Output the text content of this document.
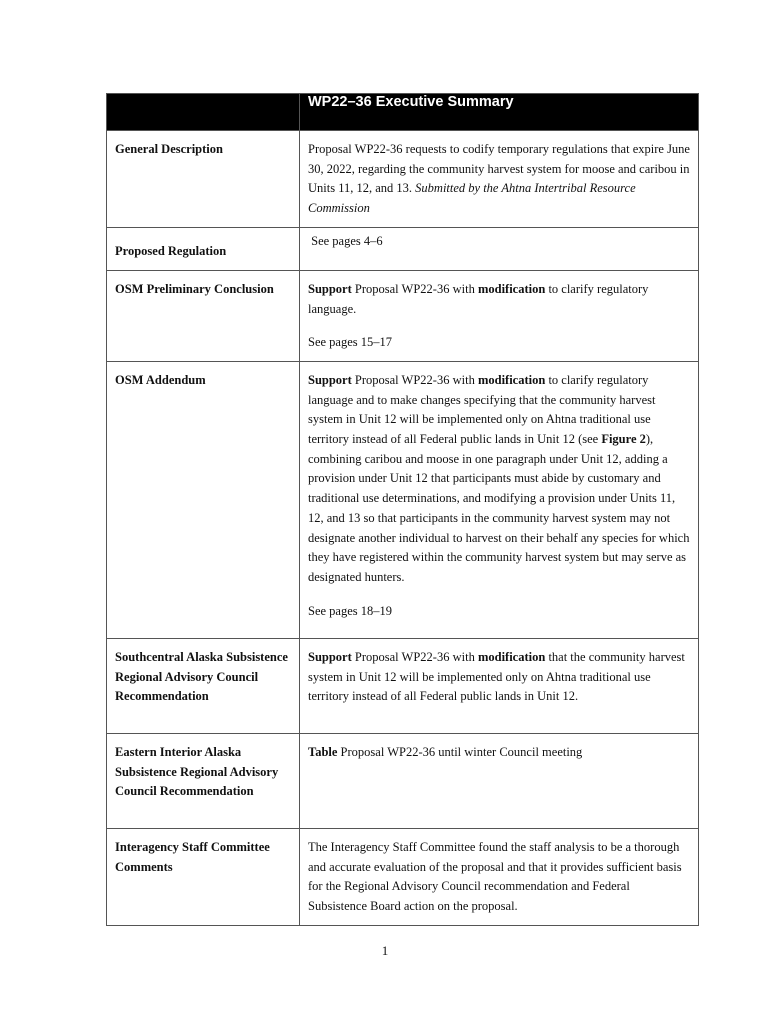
	WP22–36 Executive Summary
General Description	Proposal WP22-36 requests to codify temporary regulations that expire June 30, 2022, regarding the community harvest system for moose and caribou in Units 11, 12, and 13. Submitted by the Ahtna Intertribal Resource Commission

Proposed Regulation	See pages 4–6

OSM Preliminary Conclusion	Support Proposal WP22-36 with modification to clarify regulatory language.

See pages 15–17

OSM Addendum	Support Proposal WP22-36 with modification to clarify regulatory language and to make changes specifying that the community harvest system in Unit 12 will be implemented only on Ahtna traditional use territory instead of all Federal public lands in Unit 12 (see Figure 2), combining caribou and moose in one paragraph under Unit 12, adding a provision under Unit 12 that participants must abide by customary and traditional use determinations, and modifying a provision under Units 11, 12, and 13 so that participants in the community harvest system may not designate another individual to harvest on their behalf any species for which they have registered within the community harvest system but may serve as designated hunters.

See pages 18–19

Southcentral Alaska Subsistence Regional Advisory Council Recommendation	Support Proposal WP22-36 with modification that the community harvest system in Unit 12 will be implemented only on Ahtna traditional use territory instead of all Federal public lands in Unit 12.

Eastern Interior Alaska Subsistence Regional Advisory Council Recommendation	Table Proposal WP22-36 until winter Council meeting

Interagency Staff Committee Comments	The Interagency Staff Committee found the staff analysis to be a thorough and accurate evaluation of the proposal and that it provides sufficient basis for the Regional Advisory Council recommendation and Federal Subsistence Board action on the proposal.

1
